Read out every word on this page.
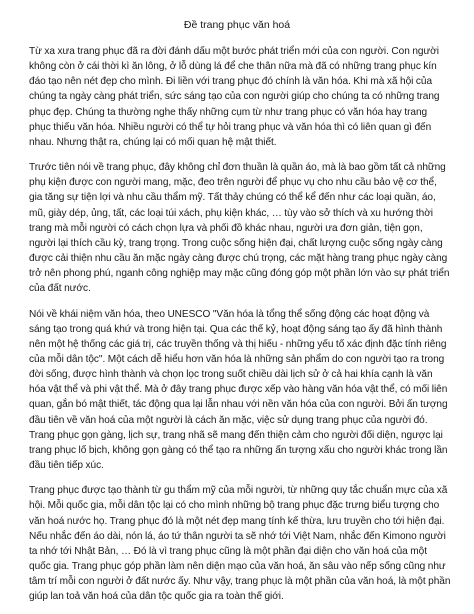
Đề trang phục văn hoá

Từ xa xưa trang phục đã ra đời đánh dấu một bước phát triển mới của con người. Con người không còn ở cái thời kì ăn lông, ở lỗ dùng lá để che thân nữa mà đã có những trang phục kín đáo tạo nên nét đẹp cho mình. Đi liền với trang phục đó chính là văn hóa. Khi mà xã hội của chúng ta ngày càng phát triển, sức sáng tạo của con người giúp cho chúng ta có những trang phục đẹp. Chúng ta thường nghe thấy những cụm từ như trang phục có văn hóa hay trang phục thiếu văn hóa. Nhiều người có thể tự hỏi trang phục và văn hóa thì có liên quan gì đến nhau. Nhưng thật ra, chúng lại có mối quan hệ mật thiết.

Trước tiên nói về trang phục, đây không chỉ đơn thuần là quần áo, mà là bao gồm tất cả những phụ kiện được con người mang, mặc, đeo trên người để phục vụ cho nhu cầu bảo vệ cơ thể, gia tăng sự tiện lợi và nhu cầu thẩm mỹ. Tất thảy chúng có thể kể đến như các loại quần, áo, mũ, giày dép, ủng, tất, các loại túi xách, phụ kiện khác, … tùy vào sở thích và xu hướng thời trang mà mỗi người có cách chọn lựa và phối đồ khác nhau, người ưa đơn giản, tiện gọn, người lại thích cầu kỳ, trang trọng. Trong cuộc sống hiện đại, chất lượng cuộc sống ngày càng được cải thiện nhu cầu ăn mặc ngày càng được chú trọng, các mặt hàng trang phục ngày càng trở nên phong phú, nganh công nghiệp may mặc cũng đóng góp một phần lớn vào sự phát triển của đất nước.

Nói về khái niệm văn hóa, theo UNESCO "Văn hóa là tổng thể sống động các hoạt động và sáng tạo trong quá khứ và trong hiện tại. Qua các thế kỷ, hoạt động sáng tạo ấy đã hình thành nên một hệ thống các giá trị, các truyền thống và thị hiếu - những yếu tố xác định đặc tính riêng của mỗi dân tộc". Một cách dễ hiểu hơn văn hóa là những sản phẩm do con người tạo ra trong đời sống, được hình thành và chọn lọc trong suốt chiều dài lịch sử ở cả hai khía cạnh là văn hóa vật thể và phi vật thể. Mà ở đây trang phục được xếp vào hàng văn hóa vật thể, có mối liên quan, gắn bó mật thiết, tác động qua lại lẫn nhau với nền văn hóa của con người. Bởi ấn tượng đầu tiên về văn hoá của một người là cách ăn mặc, việc sử dụng trang phục của người đó. Trang phục gọn gàng, lịch sự, trang nhã sẽ mang đến thiện cảm cho người đối diện, ngược lại trang phục lố bịch, không gọn gàng có thể tạo ra những ấn tượng xấu cho người khác trong lần đầu tiên tiếp xúc.

Trang phục được tạo thành từ gu thẩm mỹ của mỗi người, từ những quy tắc chuẩn mực của xã hội. Mỗi quốc gia, mỗi dân tộc lại có cho mình những bộ trang phục đặc trưng biểu tượng cho văn hoá nước họ. Trang phục đó là một nét đẹp mang tính kế thừa, lưu truyền cho tới hiện đại. Nếu nhắc đến áo dài, nón lá, áo tứ thân người ta sẽ nhớ tới Việt Nam, nhắc đến Kimono người ta nhớ tới Nhật Bản, … Đó là vì trang phục cũng là một phần đại diện cho văn hoá của một quốc gia. Trang phục góp phần làm nên diện mạo của văn hoá, ăn sâu vào nếp sống cũng như tâm trí mỗi con người ở đất nước ấy. Như vậy, trang phục là một phần của văn hoá, là một phần giúp lan toả văn hoá của dân tộc quốc gia ra toàn thế giới.
